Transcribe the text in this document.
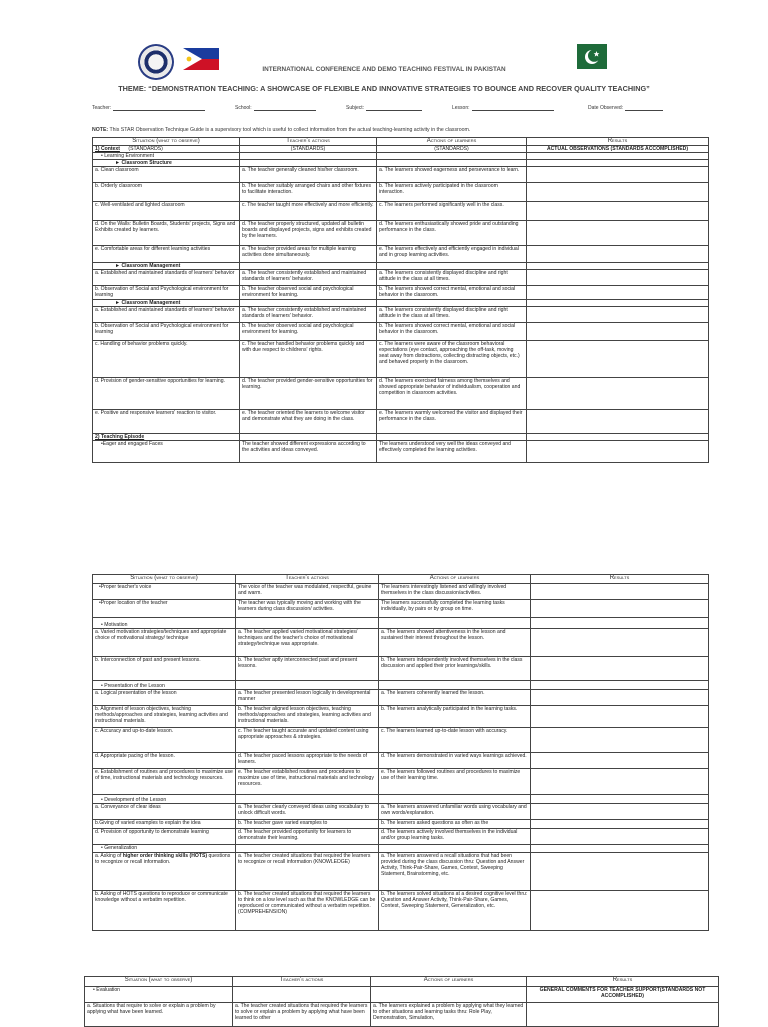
INTERNATIONAL CONFERENCE AND DEMO TEACHING FESTIVAL IN PAKISTAN
THEME: “DEMONSTRATION TEACHING: A SHOWCASE OF FLEXIBLE AND INNOVATIVE STRATEGIES TO BOUNCE AND RECOVER QUALITY TEACHING”
Teacher:	School:	Subject:	Lesson:	Date Observed:
NOTE: This STAR Observation Technique Guide is a supervisory tool which is useful to collect information from the actual teaching-learning activity in the classroom.
Situation (what to observe)	Teacher's actions	Actions of learners	Results
1) Context (STANDARDS)	(STANDARDS)	(STANDARDS)	ACTUAL OBSERVATIONS (STANDARDS ACCOMPLISHED)
• Learning Environment			
► Classroom Structure			
a. Clean classroom	a. The teacher generally cleaned his/her classroom.	a. The learners showed eagerness and perseverance to learn.	
b. Orderly classroom	b. The teacher suitably arranged chairs and other fixtures to facilitate interaction.	b. The learners actively participated in the classroom interaction.	
c. Well-ventilated and lighted classroom	c. The teacher taught more effectively and more efficiently.	c. The learners performed significantly well in the class.	
d. On the Walls: Bulletin Boards, Students' projects, Signs and Exhibits created by learners.	d. The teacher properly structured, updated all bulletin boards and displayed projects, signs and exhibits created by the learners.	d. The learners enthusiastically showed pride and outstanding performance in the class.	
e. Comfortable areas for different learning activities	e. The teacher provided areas for multiple learning activities done simultaneously.	e. The learners effectively and efficiently engaged in individual and in group learning activities.	
► Classroom Management			
a. Established and maintained standards of learners' behavior	a. The teacher consistently established and maintained standards of learners' behavior.	a. The learners consistently displayed discipline and right attitude in the class at all times.	
b. Observation of Social and Psychological environment for learning	b. The teacher observed social and psychological environment for learning.	b. The learners showed correct mental, emotional and social behavior in the classroom.	
► Classroom Management			
a. Established and maintained standards of learners' behavior	a. The teacher consistently established and maintained standards of learners' behavior.	a. The learners consistently displayed discipline and right attitude in the class at all times.	
b. Observation of Social and Psychological environment for learning	b. The teacher observed social and psychological environment for learning.	b. The learners showed correct mental, emotional and social behavior in the classroom.	
c. Handling of behavior problems quickly.	c. The teacher handled behavior problems quickly and with due respect to childrens' rights.	c. The learners were aware of the classroom behavioral expectations (eye contact, approaching the off-task, moving seat away from distractions, collecting distracting objects, etc.) and behaved properly in the classroom.	
d. Provision of gender-sensitive opportunities for learning.	d. The teacher provided gender-sensitive opportunities for learning.	d. The learners exercised fairness among themselves and showed appropriate behavior of individualism, cooperation and competition in classroom activities.	
e. Positive and responsive learners' reaction to visitor.	e. The teacher oriented the learners to welcome visitor and demonstrate what they are doing in the class.	e. The learners warmly welcomed the visitor and displayed their performance in the class.	
2) Teaching Episode			
•Eager and engaged Faces	The teacher showed different expressions according to the activities and ideas conveyed.	The learners understood very well the ideas conveyed and effectively completed the learning activities.	
Situation (what to observe)	Teacher's actions	Actions of learners	Results
•Proper teacher's voice	The voice of the teacher was modulated, respectful, geuine and warm.	The learners interestingly listened and willingly involved themselves in the class discussion/activities.	
•Proper location of the teacher	The teacher was typically moving and working with the learners during class discussion/ activities.	The learners successfully completed the learning tasks individually, by pairs or by group on time.	
• Motivation			
a. Varied motivation strategies/techniques and appropriate choice of motivational strategy/ technique	a. The teacher applied varied motivational strategies/ techniques and the teacher's choice of motivational strategy/technique was appropriate.	a. The learners showed attentiveness in the lesson and sustained their interest throughout the lesson.	
b. Interconnection of past and present lessons.	b. The teacher aptly interconnected past and present lessons.	b. The learners independently involved themselves in the class discussion and applied their prior learnings/skills.	
• Presentation of the Lesson			
a. Logical presentation of the lesson	a. The teacher presented lesson logically in developmental manner	a. The learners coherently learned the lesson.	
b. Alignment of lesson objectives, teaching methods/approaches and strategies, learning activities and instructional materials.	b. The teacher aligned lesson objectives, teaching methods/approaches and strategies, learning activities and instructional materials.	b. The learners analytically participated in the learning tasks.	
c. Accuracy and up-to-date lesson.	c. The teacher taught accurate and updated content using appropriate approaches & strategies.	c. The learners learned up-to-date lesson with accuracy.	
d. Appropriate pacing of the lesson.	d. The teacher paced lessons appropriate to the needs of leaners.	d. The learners demonstrated in varied ways learnings achieved.	
e. Establishment of routines and procedures to maximize use of time, instructional materials and technology resources.	e. The teacher established routines and procedures to maximize use of time, instructional materials and technology resources.	e. The learners followed routines and procedures to maximize use of their learning time.	
• Development of the Lesson			
a. Conveyance of clear ideas	a. The teacher clearly conveyed ideas using vocabulary to unlock difficult words.	a. The learners answered unfamiliar words using vocabulary and own words/explanation.	
b.Giving of varied examples to explain the idea	b. The teacher gave varied examples to	b. The learners asked questions as often as the	
d. Provision of opportunity to demonstrate learning	d. The teacher provided opportunity for learners to demonstrate their learning.	d. The learners actively involved themselves in the individual and/or group learning tasks.	
• Generalization			
a. Asking of higher order thinking skills (HOTS) questions to recognize or recall information.	a. The teacher created situations that required the learners to recognize or recall information (KNOWLEDGE)	a. The learners answered a recall situations that had been provided during the class discussion thru: Question and Answer Activity, Think-Pair-Share, Games, Contest, Sweeping Statement, Brainstorming, etc.	
b. Asking of HOTS questions to reproduce or communicate knowledge without a verbatim repetition.	b. The teacher created situations that required the learners to think on a low level such as that the KNOWLEDGE can be reproduced or communicated without a verbatim repetition. (COMPREHENSION)	b. The learners solved situations at a desired cognitive level thru: Question and Answer Activity, Think-Pair-Share, Games, Contest, Sweeping Statement, Generalization, etc.	
Situation (what to observe)	Teacher's actions	Actions of learners	Results
• Evaluation			GENERAL COMMENTS FOR TEACHER SUPPORT(STANDARDS NOT ACCOMPLISHED)
a. Situations that require to solve or explain a problem by applying what have been learned.	a. The teacher created situations that required the learners to solve or explain a problem by applying what have been learned to other	a. The learners explained a problem by applying what they learned to other situations and learning tasks thru: Role Play, Demonstration, Simulation,	
